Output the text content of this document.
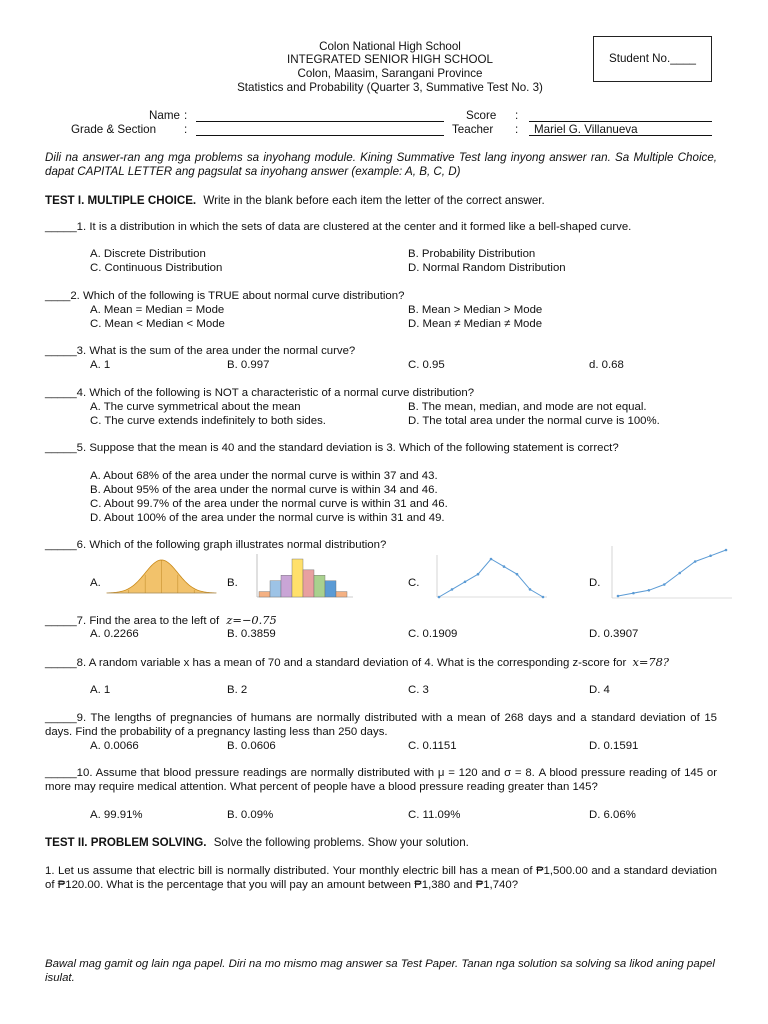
Colon National High School
INTEGRATED SENIOR HIGH SCHOOL
Colon, Maasim, Sarangani Province
Statistics and Probability (Quarter 3, Summative Test No. 3)
Student No.____
Name :
Grade & Section :
Score :
Teacher :	Mariel G. Villanueva
Dili na answer-ran ang mga problems sa inyohang module. Kining Summative Test lang inyong answer ran. Sa Multiple Choice, dapat CAPITAL LETTER ang pagsulat sa inyohang answer (example: A, B, C, D)
TEST I. MULTIPLE CHOICE. Write in the blank before each item the letter of the correct answer.
_____1. It is a distribution in which the sets of data are clustered at the center and it formed like a bell-shaped curve.
A. Discrete Distribution	B. Probability Distribution
C. Continuous Distribution	D. Normal Random Distribution
____2. Which of the following is TRUE about normal curve distribution?
A. Mean = Median = Mode	B. Mean > Median > Mode
C. Mean < Median < Mode	D. Mean ≠ Median ≠ Mode
_____3. What is the sum of the area under the normal curve?
A. 1	B. 0.997	C. 0.95	d. 0.68
_____4. Which of the following is NOT a characteristic of a normal curve distribution?
A. The curve symmetrical about the mean	B. The mean, median, and mode are not equal.
C. The curve extends indefinitely to both sides.	D. The total area under the normal curve is 100%.
_____5. Suppose that the mean is 40 and the standard deviation is 3. Which of the following statement is correct?
A. About 68% of the area under the normal curve is within 37 and 43.
B. About 95% of the area under the normal curve is within 34 and 46.
C. About 99.7% of the area under the normal curve is within 31 and 46.
D. About 100% of the area under the normal curve is within 31 and 49.
_____6. Which of the following graph illustrates normal distribution?
A.	B.	C.	D.
_____7. Find the area to the left of z=−0.75
A. 0.2266	B. 0.3859	C. 0.1909	D. 0.3907
_____8. A random variable x has a mean of 70 and a standard deviation of 4. What is the corresponding z-score for x=78?
A. 1	B. 2	C. 3	D. 4
_____9. The lengths of pregnancies of humans are normally distributed with a mean of 268 days and a standard deviation of 15 days. Find the probability of a pregnancy lasting less than 250 days.
A. 0.0066	B. 0.0606	C. 0.1151	D. 0.1591
_____10. Assume that blood pressure readings are normally distributed with μ = 120 and σ = 8. A blood pressure reading of 145 or more may require medical attention. What percent of people have a blood pressure reading greater than 145?
A. 99.91%	B. 0.09%	C. 11.09%	D. 6.06%
TEST II. PROBLEM SOLVING. Solve the following problems. Show your solution.
1. Let us assume that electric bill is normally distributed. Your monthly electric bill has a mean of ₱1,500.00 and a standard deviation of ₱120.00. What is the percentage that you will pay an amount between ₱1,380 and ₱1,740?
Bawal mag gamit og lain nga papel. Diri na mo mismo mag answer sa Test Paper. Tanan nga solution sa solving sa likod aning papel isulat.
